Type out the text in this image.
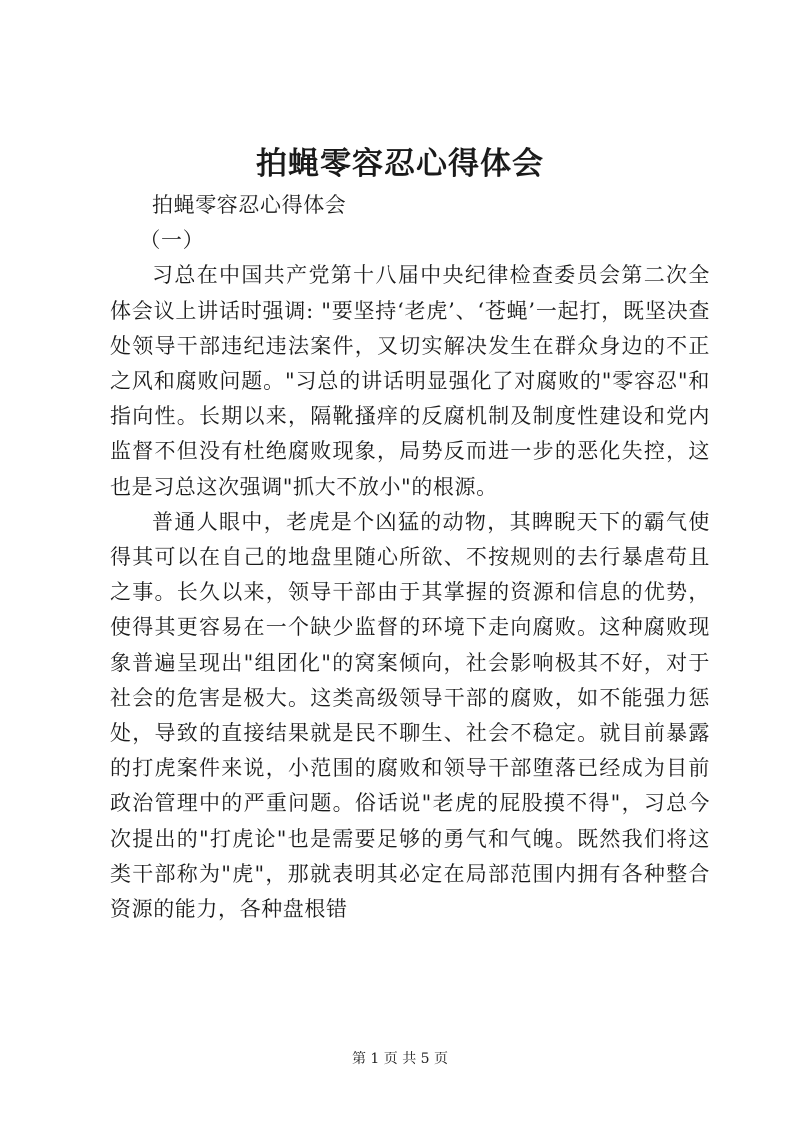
拍蝇零容忍心得体会

拍蝇零容忍心得体会

（一）

习总在中国共产党第十八届中央纪律检查委员会第二次全体会议上讲话时强调: "要坚持‘老虎’、‘苍蝇’一起打，既坚决查处领导干部违纪违法案件，又切实解决发生在群众身边的不正之风和腐败问题。"习总的讲话明显强化了对腐败的"零容忍"和指向性。长期以来，隔靴搔痒的反腐机制及制度性建设和党内监督不但没有杜绝腐败现象，局势反而进一步的恶化失控，这也是习总这次强调"抓大不放小"的根源。

普通人眼中，老虎是个凶猛的动物，其睥睨天下的霸气使得其可以在自己的地盘里随心所欲、不按规则的去行暴虐苟且之事。长久以来，领导干部由于其掌握的资源和信息的优势，使得其更容易在一个缺少监督的环境下走向腐败。这种腐败现象普遍呈现出"组团化"的窝案倾向，社会影响极其不好，对于社会的危害是极大。这类高级领导干部的腐败，如不能强力惩处，导致的直接结果就是民不聊生、社会不稳定。就目前暴露的打虎案件来说，小范围的腐败和领导干部堕落已经成为目前政治管理中的严重问题。俗话说"老虎的屁股摸不得"，习总今次提出的"打虎论"也是需要足够的勇气和气魄。既然我们将这类干部称为"虎"，那就表明其必定在局部范围内拥有各种整合资源的能力，各种盘根错

第 1 页 共 5 页
